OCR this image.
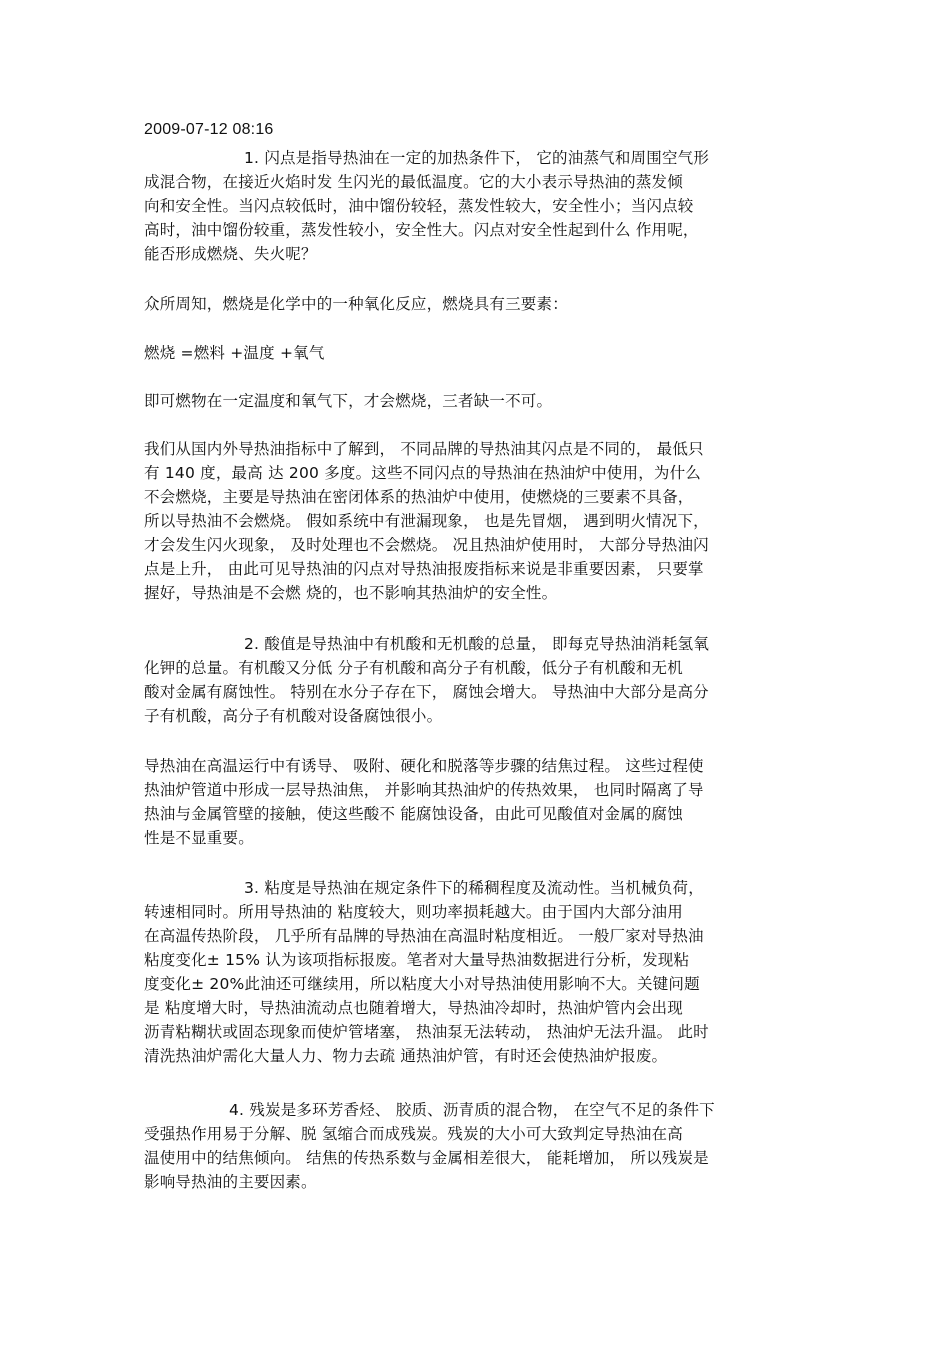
2009-07-12 08:16
1. 闪点是指导热油在一定的加热条件下， 它的油蒸气和周围空气形
成混合物，在接近火焰时发 生闪光的最低温度。它的大小表示导热油的蒸发倾
向和安全性。当闪点较低时，油中馏份较轻，蒸发性较大，安全性小；当闪点较
高时，油中馏份较重，蒸发性较小，安全性大。闪点对安全性起到什么 作用呢，
能否形成燃烧、失火呢？
众所周知，燃烧是化学中的一种氧化反应，燃烧具有三要素：
燃烧 =燃料 +温度 +氧气
即可燃物在一定温度和氧气下，才会燃烧，三者缺一不可。
我们从国内外导热油指标中了解到， 不同品牌的导热油其闪点是不同的， 最低只
有 140 度，最高 达 200 多度。这些不同闪点的导热油在热油炉中使用，为什么
不会燃烧，主要是导热油在密闭体系的热油炉中使用，使燃烧的三要素不具备，
所以导热油不会燃烧。 假如系统中有泄漏现象， 也是先冒烟， 遇到明火情况下，
才会发生闪火现象， 及时处理也不会燃烧。 况且热油炉使用时， 大部分导热油闪
点是上升， 由此可见导热油的闪点对导热油报废指标来说是非重要因素， 只要掌
握好，导热油是不会燃 烧的，也不影响其热油炉的安全性。
2. 酸值是导热油中有机酸和无机酸的总量， 即每克导热油消耗氢氧
化钾的总量。有机酸又分低 分子有机酸和高分子有机酸，低分子有机酸和无机
酸对金属有腐蚀性。 特别在水分子存在下， 腐蚀会增大。 导热油中大部分是高分
子有机酸，高分子有机酸对设备腐蚀很小。
导热油在高温运行中有诱导、 吸附、硬化和脱落等步骤的结焦过程。 这些过程使
热油炉管道中形成一层导热油焦， 并影响其热油炉的传热效果， 也同时隔离了导
热油与金属管壁的接触，使这些酸不 能腐蚀设备，由此可见酸值对金属的腐蚀
性是不显重要。
3. 粘度是导热油在规定条件下的稀稠程度及流动性。当机械负荷，
转速相同时。所用导热油的 粘度较大，则功率损耗越大。由于国内大部分油用
在高温传热阶段， 几乎所有品牌的导热油在高温时粘度相近。 一般厂家对导热油
粘度变化± 15% 认为该项指标报废。笔者对大量导热油数据进行分析，发现粘
度变化± 20%此油还可继续用，所以粘度大小对导热油使用影响不大。关键问题
是 粘度增大时，导热油流动点也随着增大，导热油冷却时，热油炉管内会出现
沥青粘糊状或固态现象而使炉管堵塞， 热油泵无法转动， 热油炉无法升温。 此时
清洗热油炉需化大量人力、物力去疏 通热油炉管，有时还会使热油炉报废。
4. 残炭是多环芳香烃、 胶质、沥青质的混合物， 在空气不足的条件下
受强热作用易于分解、脱 氢缩合而成残炭。残炭的大小可大致判定导热油在高
温使用中的结焦倾向。 结焦的传热系数与金属相差很大， 能耗增加， 所以残炭是
影响导热油的主要因素。
